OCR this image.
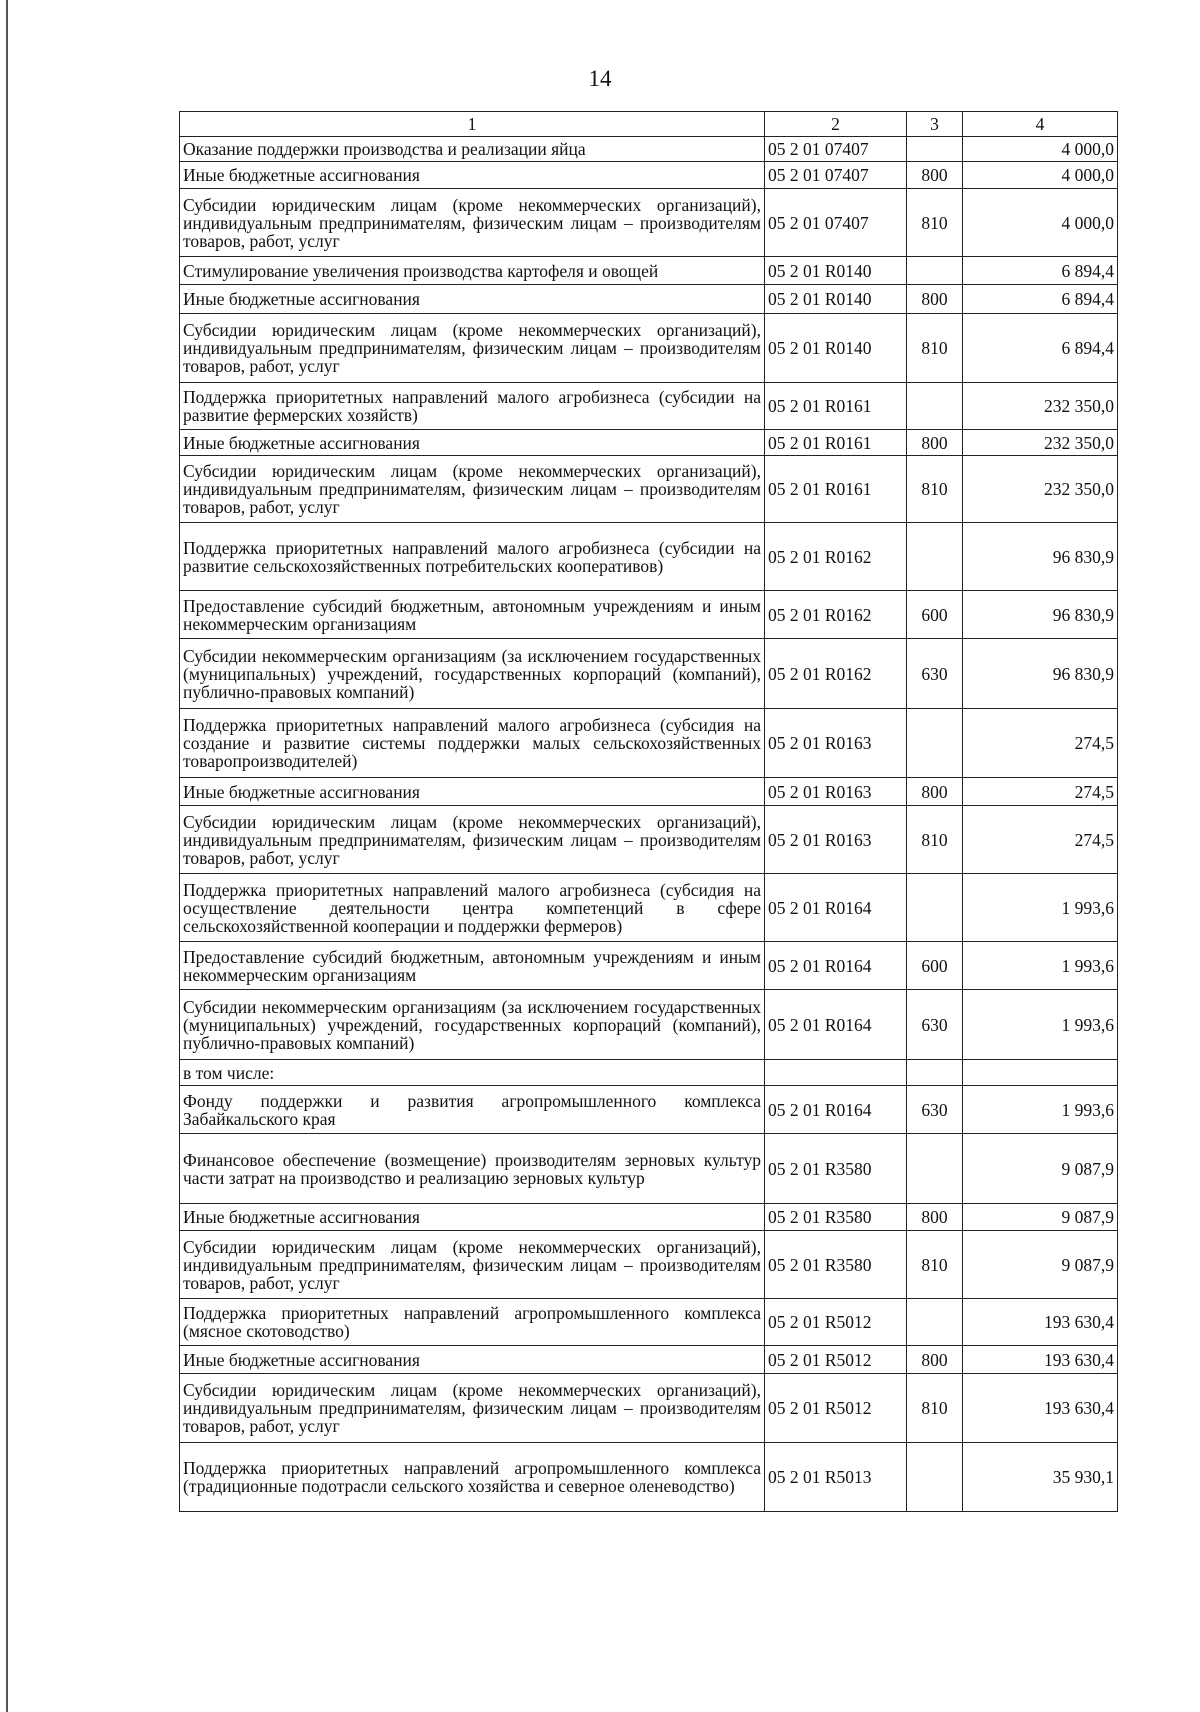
14
1	2	3	4
Оказание поддержки производства и реализации яйца	05 2 01 07407		4 000,0
Иные бюджетные ассигнования	05 2 01 07407	800	4 000,0
Субсидии юридическим лицам (кроме некоммерческих организаций), индивидуальным предпринимателям, физическим лицам – производителям товаров, работ, услуг	05 2 01 07407	810	4 000,0
Стимулирование увеличения производства картофеля и овощей	05 2 01 R0140		6 894,4
Иные бюджетные ассигнования	05 2 01 R0140	800	6 894,4
Субсидии юридическим лицам (кроме некоммерческих организаций), индивидуальным предпринимателям, физическим лицам – производителям товаров, работ, услуг	05 2 01 R0140	810	6 894,4
Поддержка приоритетных направлений малого агробизнеса (субсидии на развитие фермерских хозяйств)	05 2 01 R0161		232 350,0
Иные бюджетные ассигнования	05 2 01 R0161	800	232 350,0
Субсидии юридическим лицам (кроме некоммерческих организаций), индивидуальным предпринимателям, физическим лицам – производителям товаров, работ, услуг	05 2 01 R0161	810	232 350,0
Поддержка приоритетных направлений малого агробизнеса (субсидии на развитие сельскохозяйственных потребительских кооперативов)	05 2 01 R0162		96 830,9
Предоставление субсидий бюджетным, автономным учреждениям и иным некоммерческим организациям	05 2 01 R0162	600	96 830,9
Субсидии некоммерческим организациям (за исключением государственных (муниципальных) учреждений, государственных корпораций (компаний), публично-правовых компаний)	05 2 01 R0162	630	96 830,9
Поддержка приоритетных направлений малого агробизнеса (субсидия на создание и развитие системы поддержки малых сельскохозяйственных товаропроизводителей)	05 2 01 R0163		274,5
Иные бюджетные ассигнования	05 2 01 R0163	800	274,5
Субсидии юридическим лицам (кроме некоммерческих организаций), индивидуальным предпринимателям, физическим лицам – производителям товаров, работ, услуг	05 2 01 R0163	810	274,5
Поддержка приоритетных направлений малого агробизнеса (субсидия на осуществление деятельности центра компетенций в сфере сельскохозяйственной кооперации и поддержки фермеров)	05 2 01 R0164		1 993,6
Предоставление субсидий бюджетным, автономным учреждениям и иным некоммерческим организациям	05 2 01 R0164	600	1 993,6
Субсидии некоммерческим организациям (за исключением государственных (муниципальных) учреждений, государственных корпораций (компаний), публично-правовых компаний)	05 2 01 R0164	630	1 993,6
в том числе:			
Фонду поддержки и развития агропромышленного комплекса Забайкальского края	05 2 01 R0164	630	1 993,6
Финансовое обеспечение (возмещение) производителям зерновых культур части затрат на производство и реализацию зерновых культур	05 2 01 R3580		9 087,9
Иные бюджетные ассигнования	05 2 01 R3580	800	9 087,9
Субсидии юридическим лицам (кроме некоммерческих организаций), индивидуальным предпринимателям, физическим лицам – производителям товаров, работ, услуг	05 2 01 R3580	810	9 087,9
Поддержка приоритетных направлений агропромышленного комплекса (мясное скотоводство)	05 2 01 R5012		193 630,4
Иные бюджетные ассигнования	05 2 01 R5012	800	193 630,4
Субсидии юридическим лицам (кроме некоммерческих организаций), индивидуальным предпринимателям, физическим лицам – производителям товаров, работ, услуг	05 2 01 R5012	810	193 630,4
Поддержка приоритетных направлений агропромышленного комплекса (традиционные подотрасли сельского хозяйства и северное оленеводство)	05 2 01 R5013		35 930,1
